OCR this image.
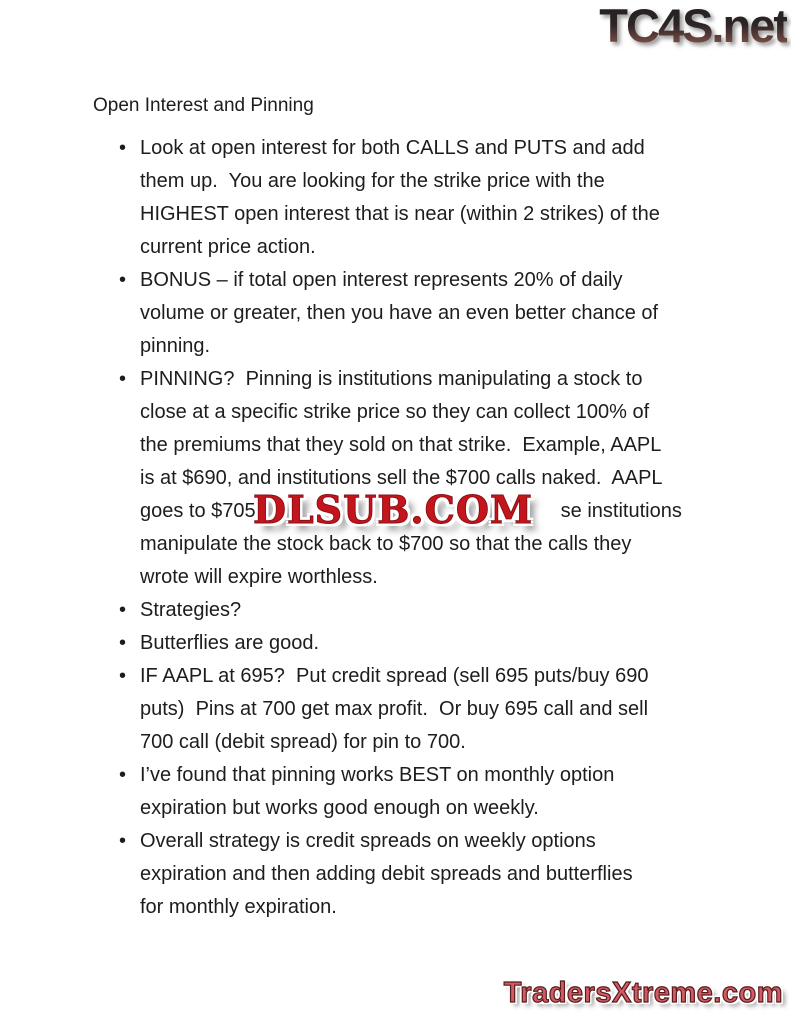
TC4S.net
Open Interest and Pinning
• Look at open interest for both CALLS and PUTS and add
them up.  You are looking for the strike price with the
HIGHEST open interest that is near (within 2 strikes) of the
current price action.
• BONUS – if total open interest represents 20% of daily
volume or greater, then you have an even better chance of
pinning.
• PINNING?  Pinning is institutions manipulating a stock to
close at a specific strike price so they can collect 100% of
the premiums that they sold on that strike.  Example, AAPL
is at $690, and institutions sell the $700 calls naked.  AAPL
goes to $705	se institutions
manipulate the stock back to $700 so that the calls they
wrote will expire worthless.
• Strategies?
• Butterflies are good.
• IF AAPL at 695?  Put credit spread (sell 695 puts/buy 690
puts)  Pins at 700 get max profit.  Or buy 695 call and sell
700 call (debit spread) for pin to 700.
• I’ve found that pinning works BEST on monthly option
expiration but works good enough on weekly.
• Overall strategy is credit spreads on weekly options
expiration and then adding debit spreads and butterflies
for monthly expiration.
DLSUB.COM
TradersXtreme.com
